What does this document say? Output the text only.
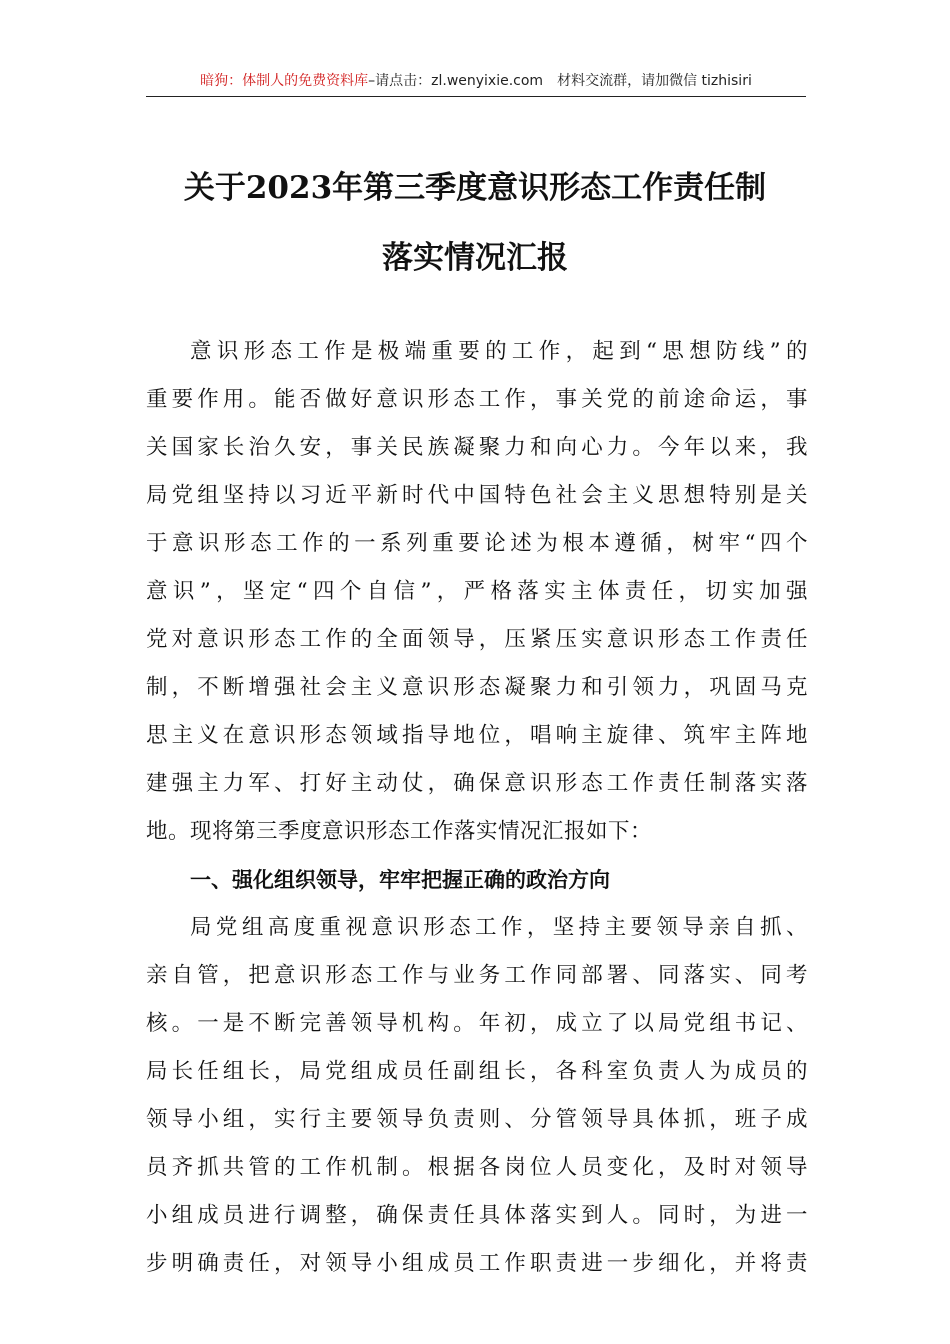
暗狗：体制人的免费资料库–请点击：zl.wenyixie.com 材料交流群，请加微信 tizhisiri
关于2023年第三季度意识形态工作责任制
落实情况汇报
意识形态工作是极端重要的工作，起到“思想防线”的
重要作用。能否做好意识形态工作，事关党的前途命运，事
关国家长治久安，事关民族凝聚力和向心力。今年以来，我
局党组坚持以习近平新时代中国特色社会主义思想特别是关
于意识形态工作的一系列重要论述为根本遵循，树牢“四个
意识”，坚定“四个自信”，严格落实主体责任，切实加强
党对意识形态工作的全面领导，压紧压实意识形态工作责任
制，不断增强社会主义意识形态凝聚力和引领力，巩固马克
思主义在意识形态领域指导地位，唱响主旋律、筑牢主阵地
建强主力军、打好主动仗，确保意识形态工作责任制落实落
地。现将第三季度意识形态工作落实情况汇报如下：
一、强化组织领导，牢牢把握正确的政治方向
局党组高度重视意识形态工作，坚持主要领导亲自抓、
亲自管，把意识形态工作与业务工作同部署、同落实、同考
核。一是不断完善领导机构。年初，成立了以局党组书记、
局长任组长，局党组成员任副组长，各科室负责人为成员的
领导小组，实行主要领导负责则、分管领导具体抓，班子成
员齐抓共管的工作机制。根据各岗位人员变化，及时对领导
小组成员进行调整，确保责任具体落实到人。同时，为进一
步明确责任，对领导小组成员工作职责进一步细化，并将责
